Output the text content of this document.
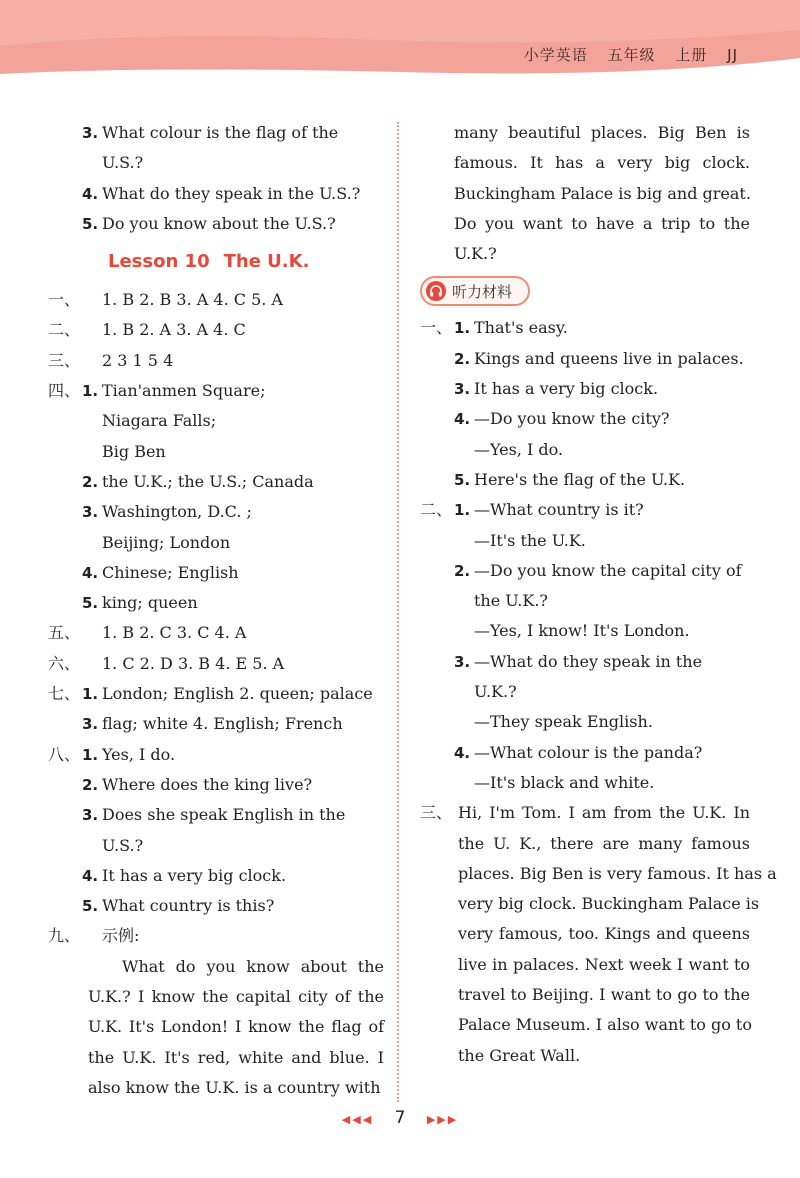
小学英语 五年级 上册 JJ
3. What colour is the flag of the
U.S.?
4. What do they speak in the U.S.?
5. Do you know about the U.S.?
Lesson 10 The U.K.
一、 1. B 2. B 3. A 4. C 5. A
二、 1. B 2. A 3. A 4. C
三、 2 3 1 5 4
四、 1. Tian'anmen Square;
Niagara Falls;
Big Ben
2. the U.K.; the U.S.; Canada
3. Washington, D.C. ;
Beijing; London
4. Chinese; English
5. king; queen
五、 1. B 2. C 3. C 4. A
六、 1. C 2. D 3. B 4. E 5. A
七、 1. London; English 2. queen; palace
3. flag; white 4. English; French
八、 1. Yes, I do.
2. Where does the king live?
3. Does she speak English in the
U.S.?
4. It has a very big clock.
5. What country is this?
九、 示例:
What do you know about the
U.K.? I know the capital city of the
U.K. It's London! I know the flag of
the U.K. It's red, white and blue. I
also know the U.K. is a country with
many beautiful places. Big Ben is
famous. It has a very big clock.
Buckingham Palace is big and great.
Do you want to have a trip to the
U.K.?
听力材料
一、 1. That's easy.
2. Kings and queens live in palaces.
3. It has a very big clock.
4. —Do you know the city?
—Yes, I do.
5. Here's the flag of the U.K.
二、 1. —What country is it?
—It's the U.K.
2. —Do you know the capital city of
the U.K.?
—Yes, I know! It's London.
3. —What do they speak in the
U.K.?
—They speak English.
4. —What colour is the panda?
—It's black and white.
三、 Hi, I'm Tom. I am from the U.K. In
the U. K., there are many famous
places. Big Ben is very famous. It has a
very big clock. Buckingham Palace is
very famous, too. Kings and queens
live in palaces. Next week I want to
travel to Beijing. I want to go to the
Palace Museum. I also want to go to
the Great Wall.
◀◀◀ 7 ▶▶▶
